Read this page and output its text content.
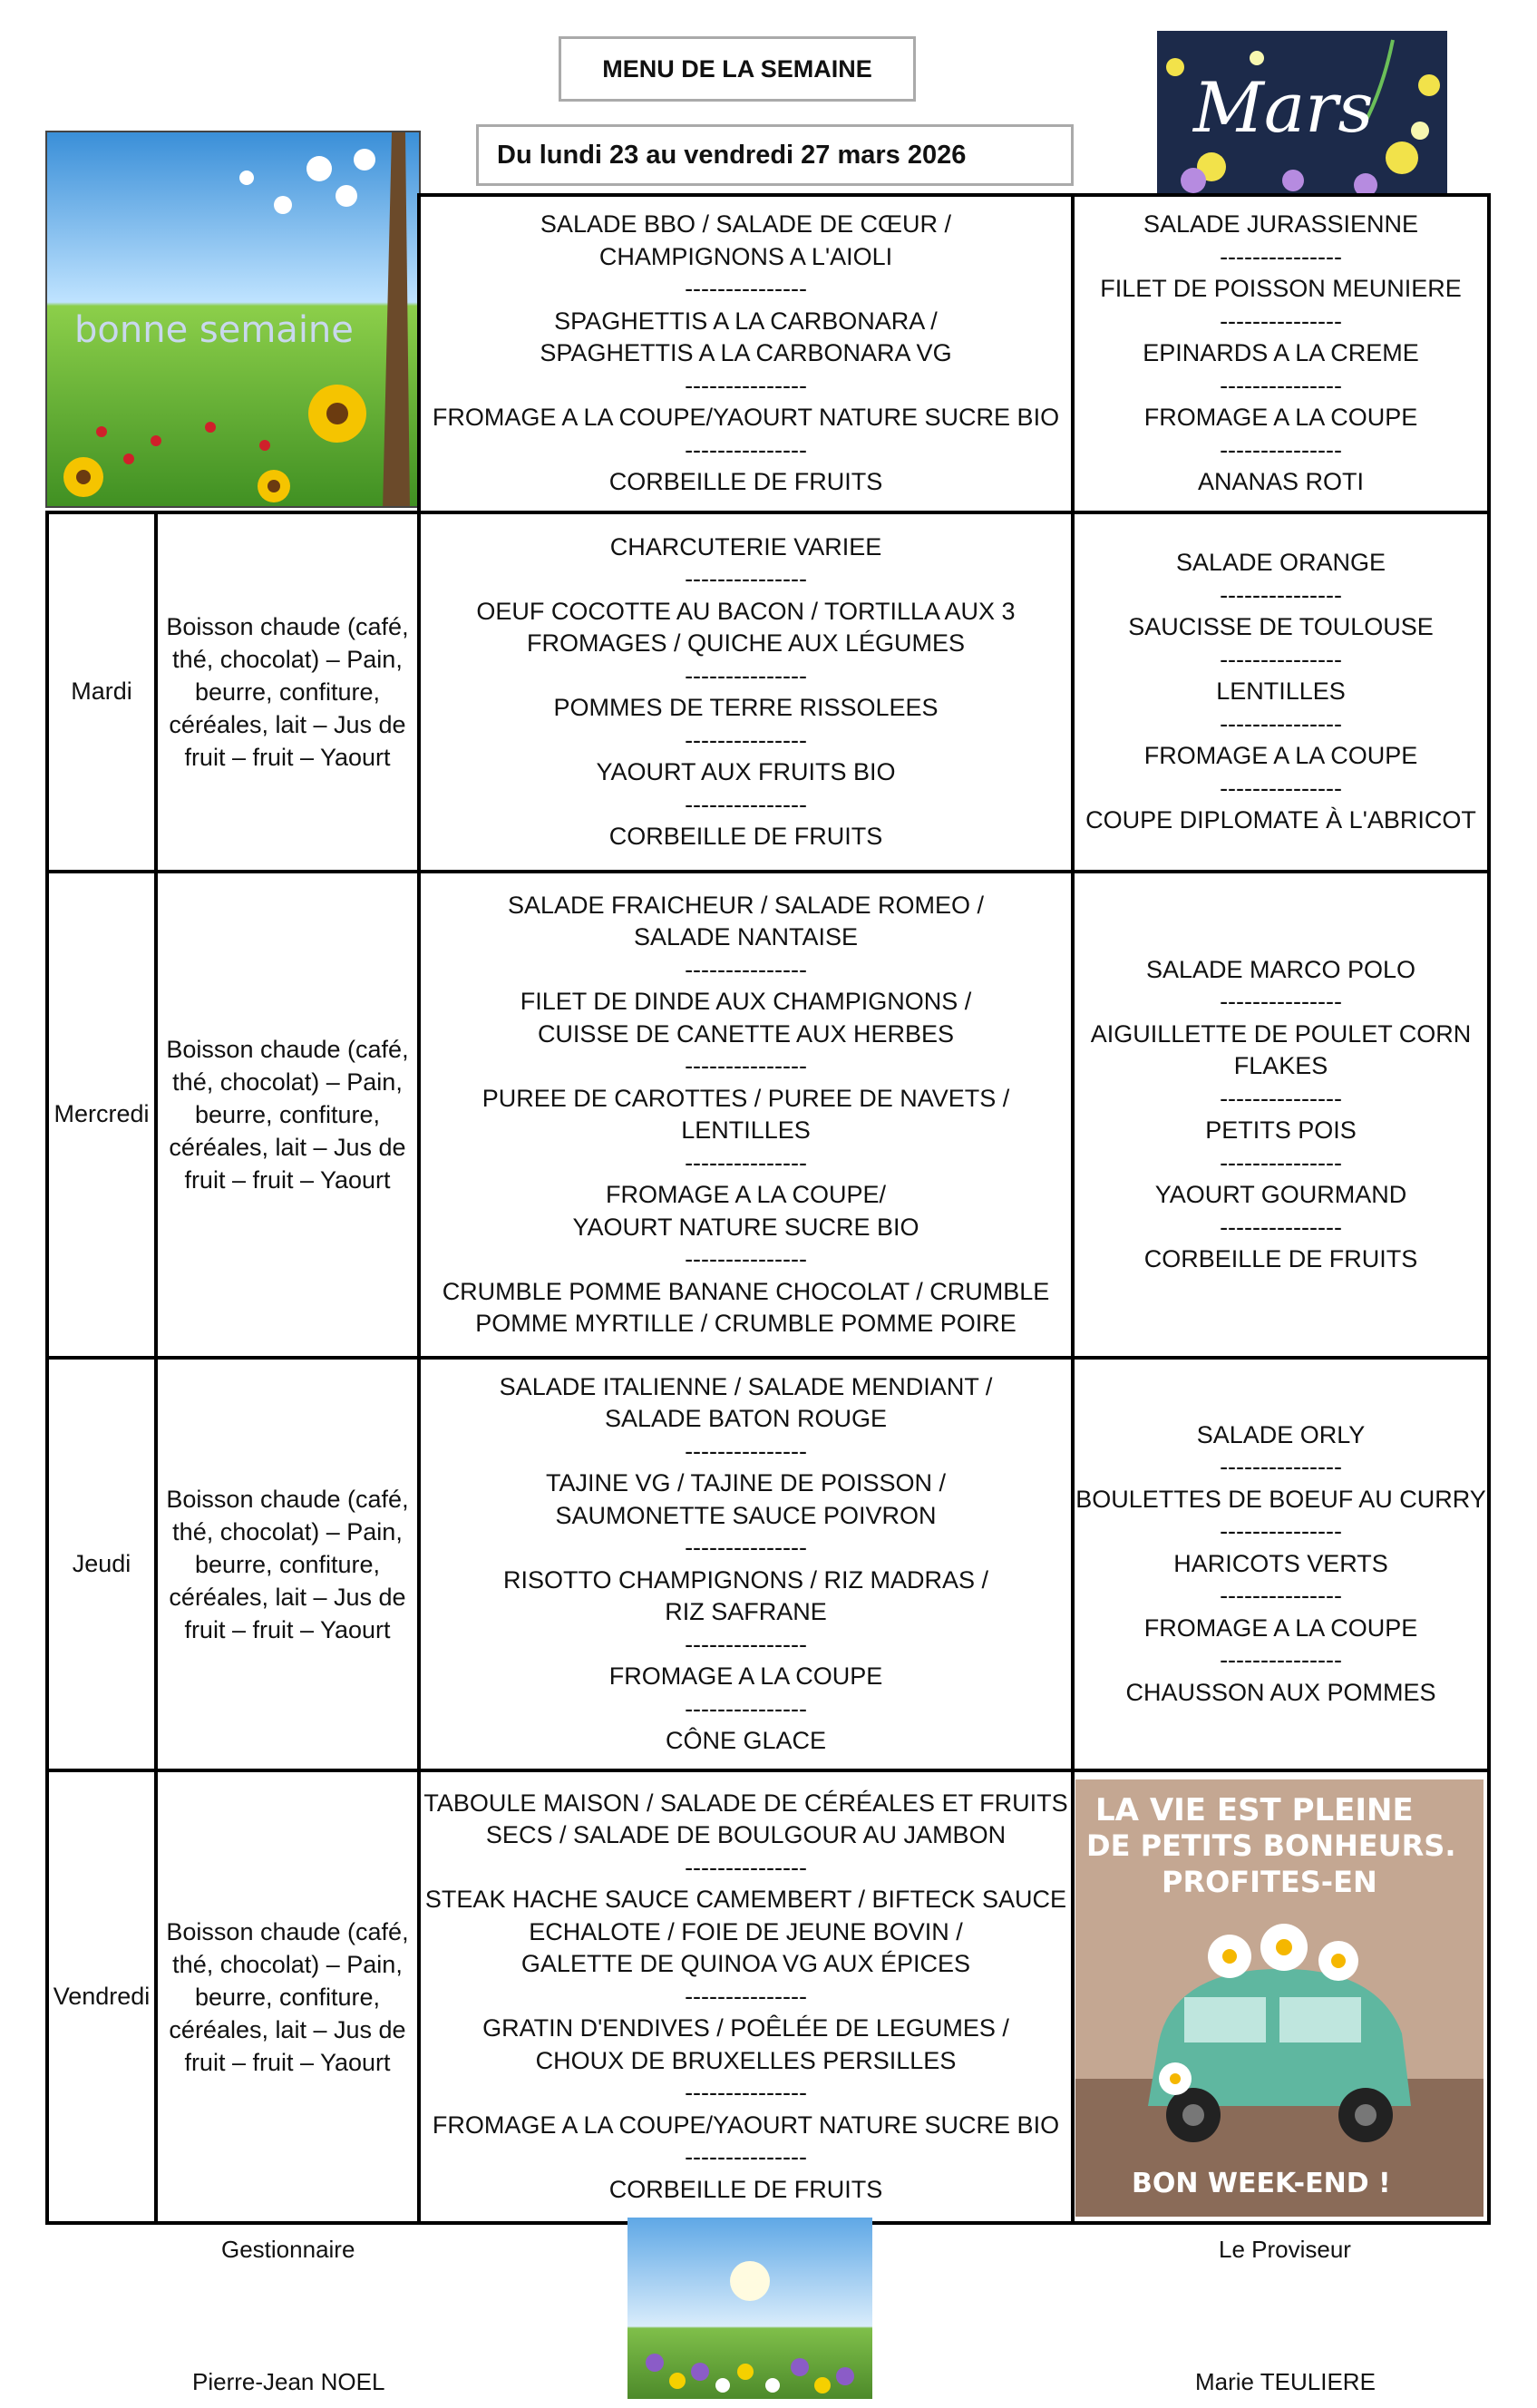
MENU DE LA SEMAINE
Du lundi 23 au vendredi 27 mars 2026
Mars
bonne semaine
SALADE BBO / SALADE DE CŒUR /
CHAMPIGNONS A L'AIOLI
---------------
SPAGHETTIS A LA CARBONARA /
SPAGHETTIS A LA CARBONARA VG
---------------
FROMAGE A LA COUPE/YAOURT NATURE SUCRE BIO
---------------
CORBEILLE DE FRUITS
SALADE JURASSIENNE
---------------
FILET DE POISSON MEUNIERE
---------------
EPINARDS A LA CREME
---------------
FROMAGE A LA COUPE
---------------
ANANAS ROTI
Mardi
Boisson chaude (café,
thé, chocolat) – Pain,
beurre, confiture,
céréales, lait – Jus de
fruit – fruit – Yaourt
CHARCUTERIE VARIEE
---------------
OEUF COCOTTE AU BACON / TORTILLA AUX 3
FROMAGES / QUICHE AUX LÉGUMES
---------------
POMMES DE TERRE RISSOLEES
---------------
YAOURT AUX FRUITS BIO
---------------
CORBEILLE DE FRUITS
SALADE ORANGE
---------------
SAUCISSE DE TOULOUSE
---------------
LENTILLES
---------------
FROMAGE A LA COUPE
---------------
COUPE DIPLOMATE À L'ABRICOT
Mercredi
Boisson chaude (café,
thé, chocolat) – Pain,
beurre, confiture,
céréales, lait – Jus de
fruit – fruit – Yaourt
SALADE FRAICHEUR / SALADE ROMEO /
SALADE NANTAISE
---------------
FILET DE DINDE AUX CHAMPIGNONS /
CUISSE DE CANETTE AUX HERBES
---------------
PUREE DE CAROTTES / PUREE DE NAVETS /
LENTILLES
---------------
FROMAGE A LA COUPE/
YAOURT NATURE SUCRE BIO
---------------
CRUMBLE POMME BANANE CHOCOLAT / CRUMBLE
POMME MYRTILLE / CRUMBLE POMME POIRE
SALADE MARCO POLO
---------------
AIGUILLETTE DE POULET CORN
FLAKES
---------------
PETITS POIS
---------------
YAOURT GOURMAND
---------------
CORBEILLE DE FRUITS
Jeudi
Boisson chaude (café,
thé, chocolat) – Pain,
beurre, confiture,
céréales, lait – Jus de
fruit – fruit – Yaourt
SALADE ITALIENNE / SALADE MENDIANT /
SALADE BATON ROUGE
---------------
TAJINE VG / TAJINE DE POISSON /
SAUMONETTE SAUCE POIVRON
---------------
RISOTTO CHAMPIGNONS / RIZ MADRAS /
RIZ SAFRANE
---------------
FROMAGE A LA COUPE
---------------
CÔNE GLACE
SALADE ORLY
---------------
BOULETTES DE BOEUF AU CURRY
---------------
HARICOTS VERTS
---------------
FROMAGE A LA COUPE
---------------
CHAUSSON AUX POMMES
Vendredi
Boisson chaude (café,
thé, chocolat) – Pain,
beurre, confiture,
céréales, lait – Jus de
fruit – fruit – Yaourt
TABOULE MAISON / SALADE DE CÉRÉALES ET FRUITS
SECS / SALADE DE BOULGOUR AU JAMBON
---------------
STEAK HACHE SAUCE CAMEMBERT / BIFTECK SAUCE
ECHALOTE / FOIE DE JEUNE BOVIN /
GALETTE DE QUINOA VG AUX ÉPICES
---------------
GRATIN D'ENDIVES / POÊLÉE DE LEGUMES /
CHOUX DE BRUXELLES PERSILLES
---------------
FROMAGE A LA COUPE/YAOURT NATURE SUCRE BIO
---------------
CORBEILLE DE FRUITS
LA VIE EST PLEINE
DE PETITS BONHEURS.
PROFITES-EN
BON WEEK-END !
Gestionnaire
Pierre-Jean NOEL
Le Proviseur
Marie TEULIERE
